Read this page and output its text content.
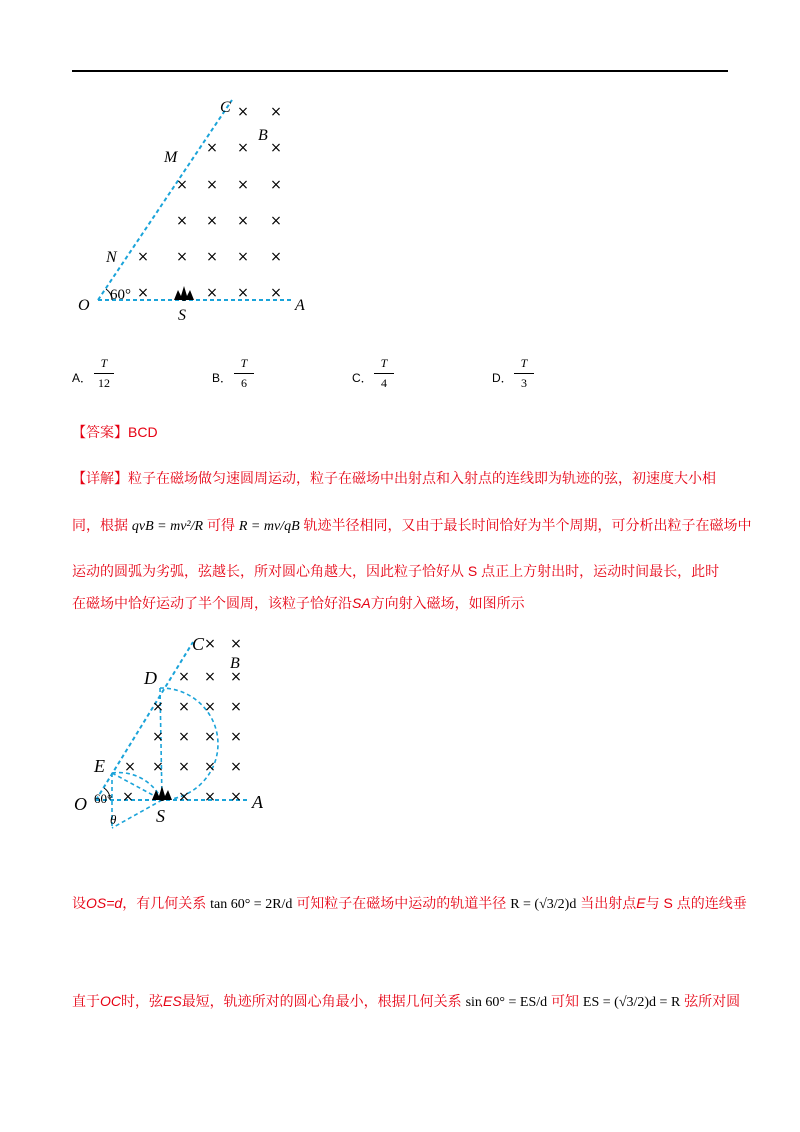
× ×
× × ×
× × × ×
× × × ×
× × × × ×
×	× × ×
C
M
B
N
O
S
A
60°
A．
T
12	B．
T
6	C．
T
4	D．
T
3
【答案】BCD
【详解】粒子在磁场做匀速圆周运动，粒子在磁场中出射点和入射点的连线即为轨迹的弦，初速度大小相
同，根据 qvB = mv²/R 可得 R = mv/qB 轨迹半径相同，又由于最长时间恰好为半个周期，可分析出粒子在磁场中
运动的圆弧为劣弧，弦越长，所对圆心角越大，因此粒子恰好从 S 点正上方射出时，运动时间最长，此时
在磁场中恰好运动了半个圆周，该粒子恰好沿SA方向射入磁场，如图所示
× ×
× × ×
× × × ×
× × × ×
× × × × ×
×	× × ×
C
B
D
E
O
S
A
60°
θ
设OS=d，有几何关系 tan 60° = 2R/d 可知粒子在磁场中运动的轨道半径 R = (√3/2)d 当出射点E与 S 点的连线垂
直于OC时，弦ES最短，轨迹所对的圆心角最小，根据几何关系 sin 60° = ES/d 可知 ES = (√3/2)d = R 弦所对圆
